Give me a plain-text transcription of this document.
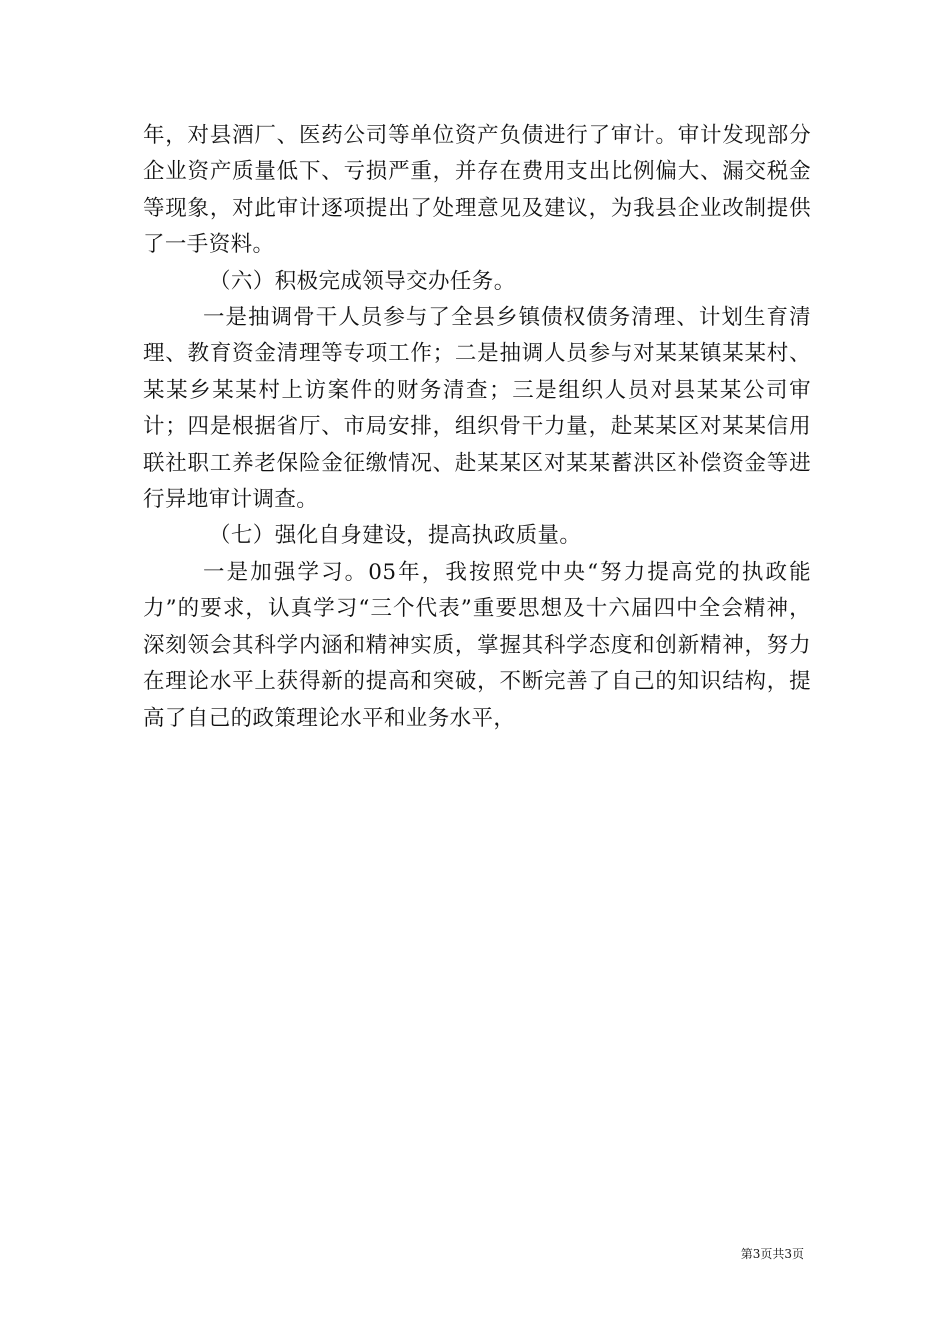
年，对县酒厂、医药公司等单位资产负债进行了审计。审计发现部分企业资产质量低下、亏损严重，并存在费用支出比例偏大、漏交税金等现象，对此审计逐项提出了处理意见及建议，为我县企业改制提供了一手资料。

（六）积极完成领导交办任务。

一是抽调骨干人员参与了全县乡镇债权债务清理、计划生育清理、教育资金清理等专项工作；二是抽调人员参与对某某镇某某村、某某乡某某村上访案件的财务清查；三是组织人员对县某某公司审计；四是根据省厅、市局安排，组织骨干力量，赴某某区对某某信用联社职工养老保险金征缴情况、赴某某区对某某蓄洪区补偿资金等进行异地审计调查。

（七）强化自身建设，提高执政质量。

一是加强学习。05年，我按照党中央“努力提高党的执政能力”的要求，认真学习“三个代表”重要思想及十六届四中全会精神，深刻领会其科学内涵和精神实质，掌握其科学态度和创新精神，努力在理论水平上获得新的提高和突破，不断完善了自己的知识结构，提高了自己的政策理论水平和业务水平，

第3页共3页
